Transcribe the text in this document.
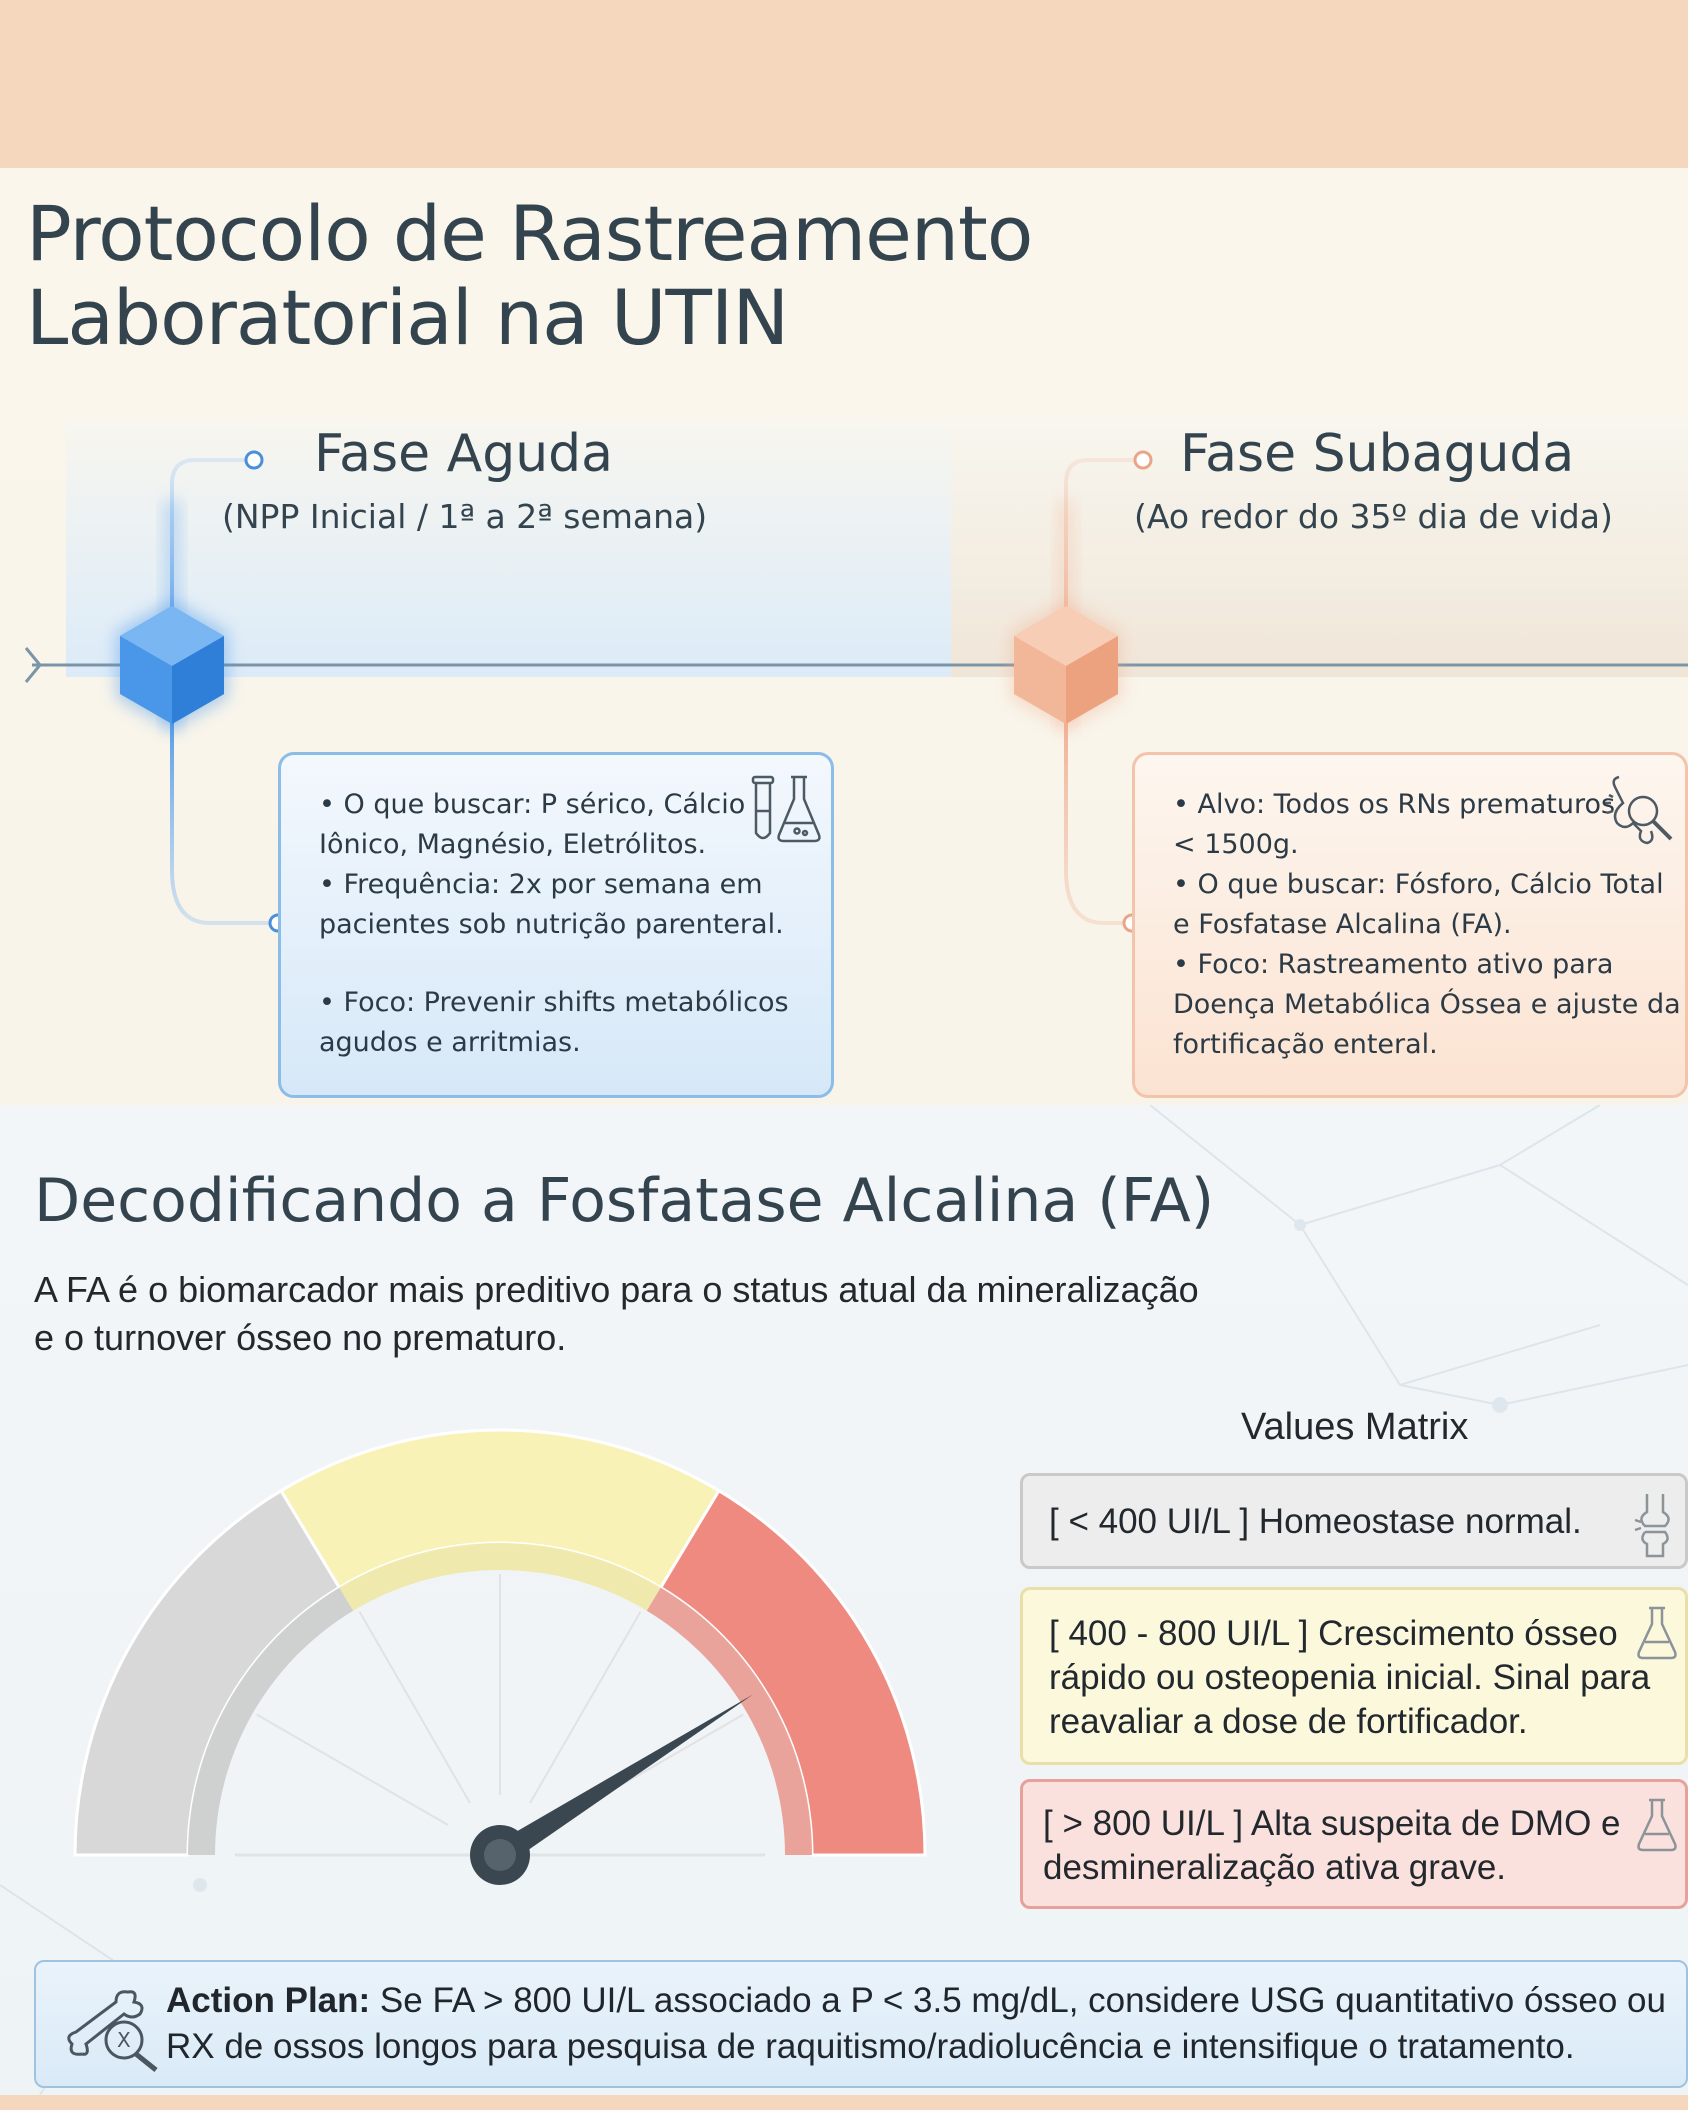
Protocolo de Rastreamento
Laboratorial na UTIN
Fase Aguda
(NPP Inicial / 1ª a 2ª semana)
Fase Subaguda
(Ao redor do 35º dia de vida)
• O que buscar: P sérico, Cálcio
Iônico, Magnésio, Eletrólitos.
• Frequência: 2x por semana em
pacientes sob nutrição parenteral.
• Foco: Prevenir shifts metabólicos
agudos e arritmias.
• Alvo: Todos os RNs prematuros
< 1500g.
• O que buscar: Fósforo, Cálcio Total
e Fosfatase Alcalina (FA).
• Foco: Rastreamento ativo para
Doença Metabólica Óssea e ajuste da
fortificação enteral.
Decodificando a Fosfatase Alcalina (FA)
A FA é o biomarcador mais preditivo para o status atual da mineralização
e o turnover ósseo no prematuro.
Values Matrix
[ < 400 UI/L ] Homeostase normal.
[ 400 - 800 UI/L ] Crescimento ósseo
rápido ou osteopenia inicial. Sinal para
reavaliar a dose de fortificador.
[ > 800 UI/L ] Alta suspeita de DMO e
desmineralização ativa grave.
X
Action Plan: Se FA > 800 UI/L associado a P < 3.5 mg/dL, considere USG quantitativo ósseo ou
RX de ossos longos para pesquisa de raquitismo/radiolucência e intensifique o tratamento.
